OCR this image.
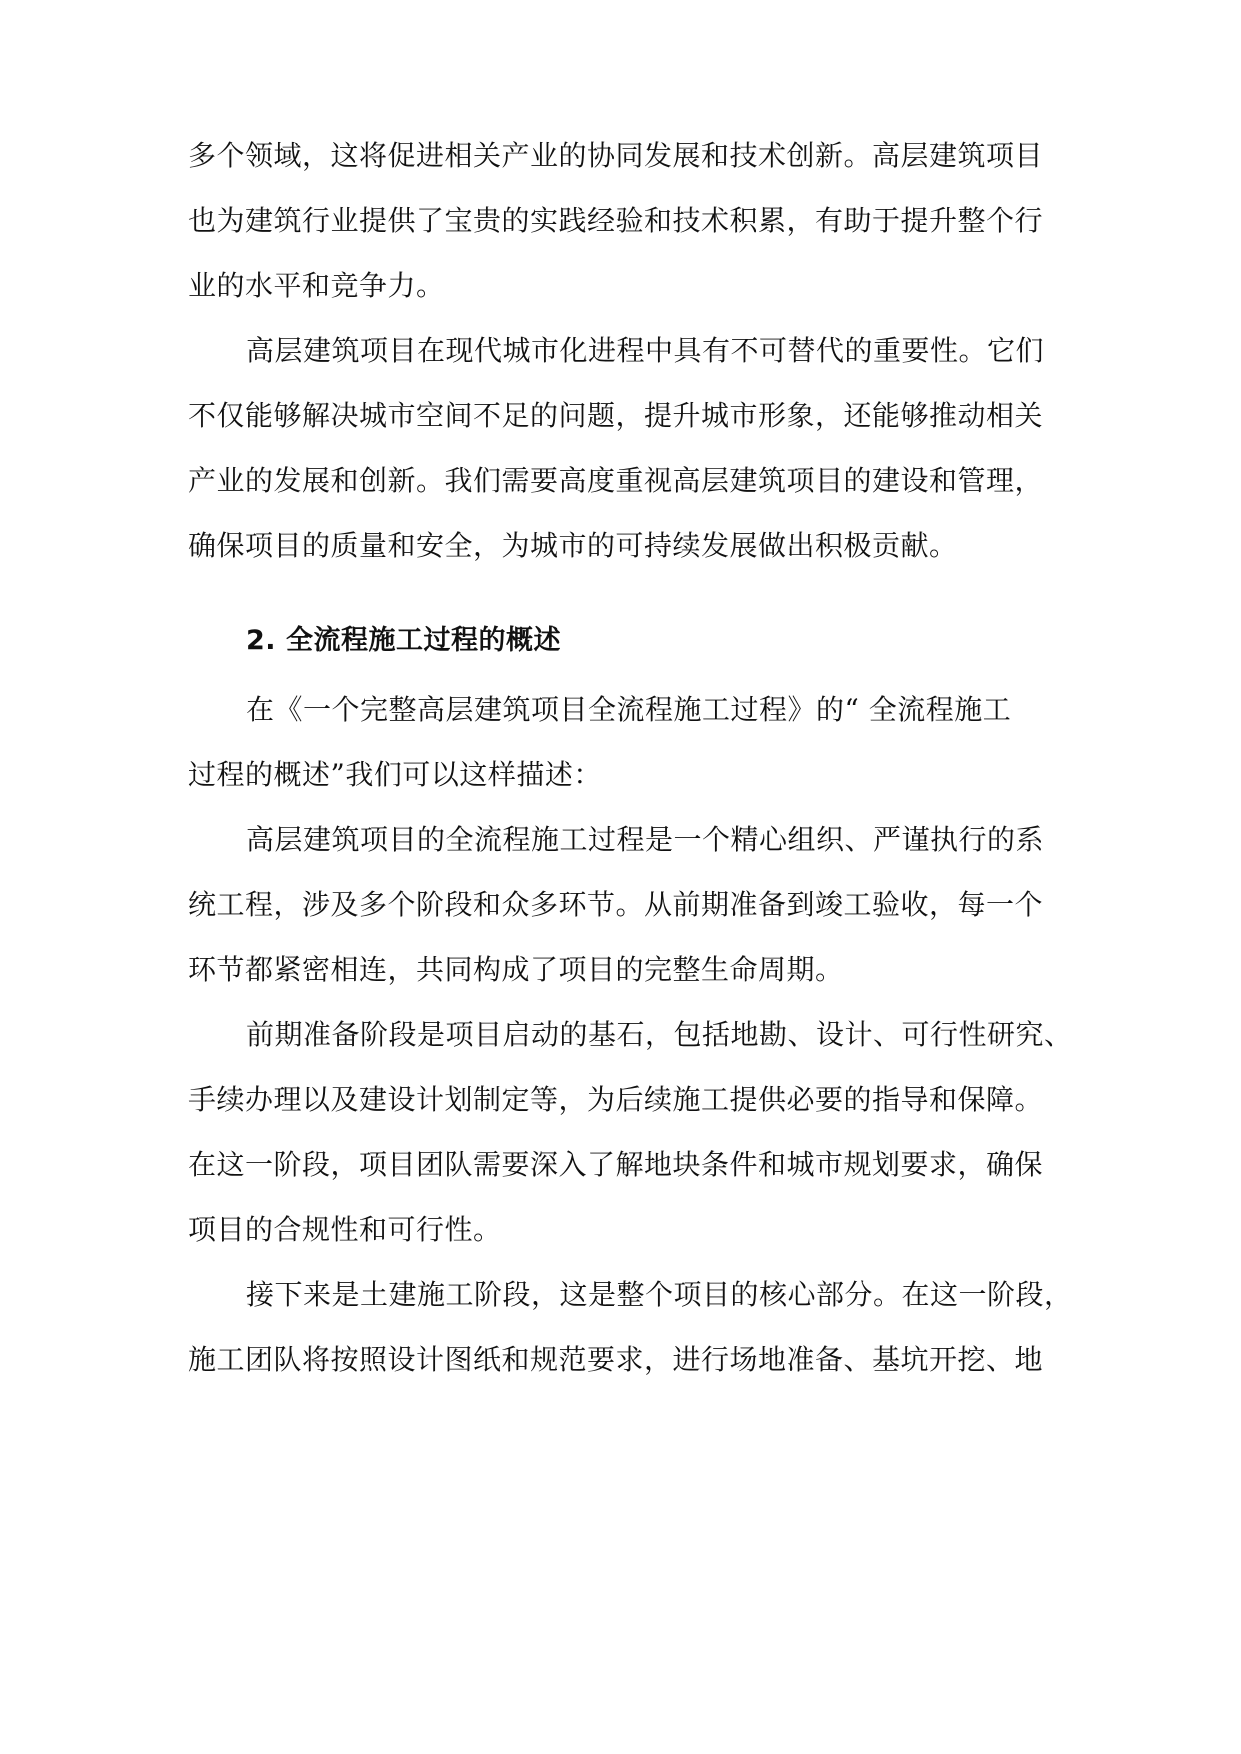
多个领域，这将促进相关产业的协同发展和技术创新。高层建筑项目
也为建筑行业提供了宝贵的实践经验和技术积累，有助于提升整个行
业的水平和竞争力。
高层建筑项目在现代城市化进程中具有不可替代的重要性。它们
不仅能够解决城市空间不足的问题，提升城市形象，还能够推动相关
产业的发展和创新。我们需要高度重视高层建筑项目的建设和管理，
确保项目的质量和安全，为城市的可持续发展做出积极贡献。
2. 全流程施工过程的概述
在《一个完整高层建筑项目全流程施工过程》的“ 全流程施工
过程的概述”我们可以这样描述：
高层建筑项目的全流程施工过程是一个精心组织、严谨执行的系
统工程，涉及多个阶段和众多环节。从前期准备到竣工验收，每一个
环节都紧密相连，共同构成了项目的完整生命周期。
前期准备阶段是项目启动的基石，包括地勘、设计、可行性研究、
手续办理以及建设计划制定等，为后续施工提供必要的指导和保障。
在这一阶段，项目团队需要深入了解地块条件和城市规划要求，确保
项目的合规性和可行性。
接下来是土建施工阶段，这是整个项目的核心部分。在这一阶段，
施工团队将按照设计图纸和规范要求，进行场地准备、基坑开挖、地
